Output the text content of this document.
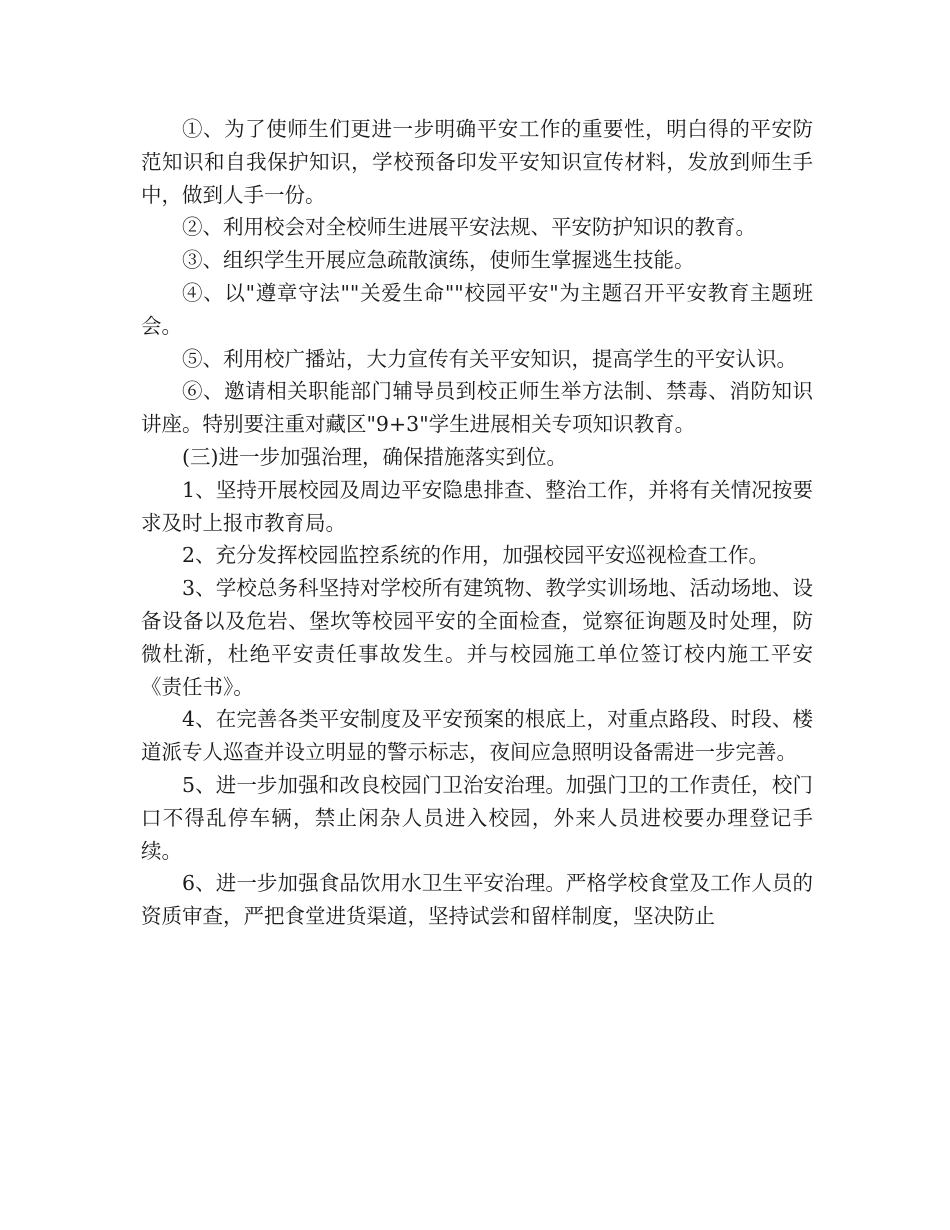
①、为了使师生们更进一步明确平安工作的重要性，明白得的平安防范知识和自我保护知识，学校预备印发平安知识宣传材料，发放到师生手中，做到人手一份。

②、利用校会对全校师生进展平安法规、平安防护知识的教育。

③、组织学生开展应急疏散演练，使师生掌握逃生技能。

④、以"遵章守法""关爱生命""校园平安"为主题召开平安教育主题班会。

⑤、利用校广播站，大力宣传有关平安知识，提高学生的平安认识。

⑥、邀请相关职能部门辅导员到校正师生举方法制、禁毒、消防知识讲座。特别要注重对藏区"9+3"学生进展相关专项知识教育。

(三)进一步加强治理，确保措施落实到位。

1、坚持开展校园及周边平安隐患排查、整治工作，并将有关情况按要求及时上报市教育局。

2、充分发挥校园监控系统的作用，加强校园平安巡视检查工作。

3、学校总务科坚持对学校所有建筑物、教学实训场地、活动场地、设备设备以及危岩、堡坎等校园平安的全面检查，觉察征询题及时处理，防微杜渐，杜绝平安责任事故发生。并与校园施工单位签订校内施工平安《责任书》。

4、在完善各类平安制度及平安预案的根底上，对重点路段、时段、楼道派专人巡查并设立明显的警示标志，夜间应急照明设备需进一步完善。

5、进一步加强和改良校园门卫治安治理。加强门卫的工作责任，校门口不得乱停车辆，禁止闲杂人员进入校园，外来人员进校要办理登记手续。

6、进一步加强食品饮用水卫生平安治理。严格学校食堂及工作人员的资质审查，严把食堂进货渠道，坚持试尝和留样制度，坚决防止
